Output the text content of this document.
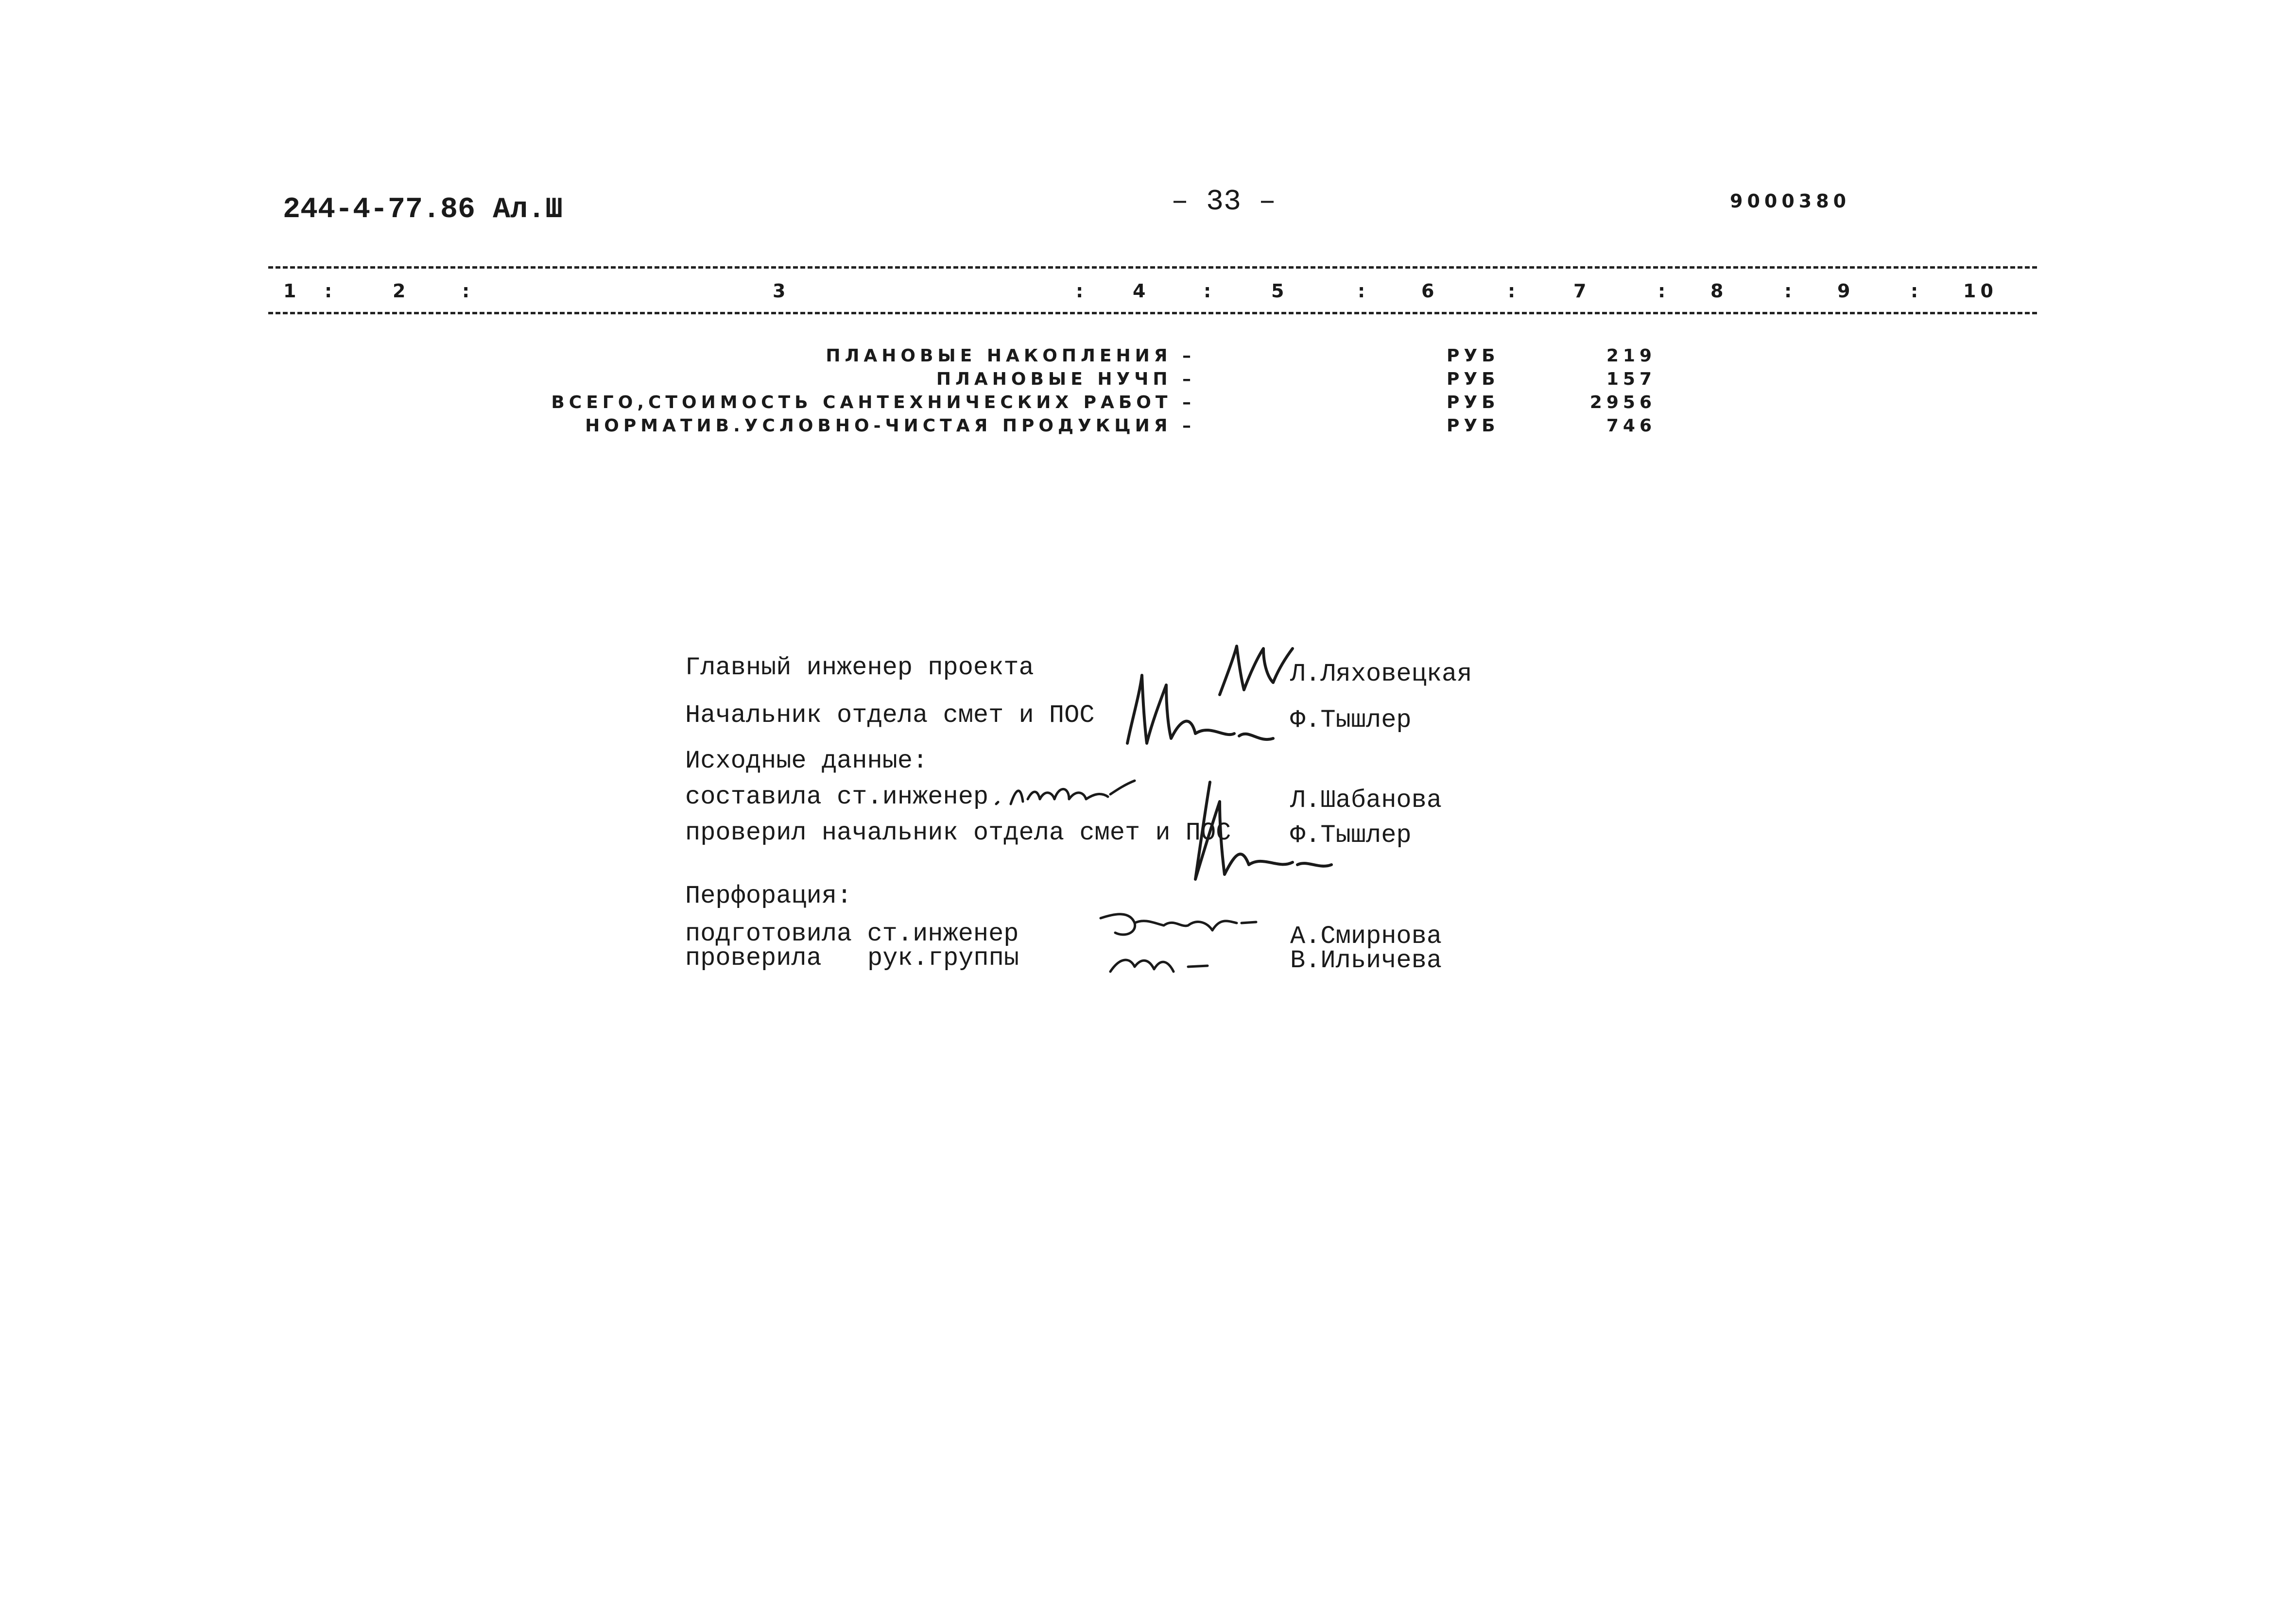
244-4-77.86 Ал.Ш	– 33 –	9000380
1 :	2	:	3	: 4	:	5	:	6	:	7	: 8	: 9	: 10
ПЛАНОВЫЕ НАКОПЛЕНИЯ –	РУБ	219
ПЛАНОВЫЕ НУЧП –	РУБ	157
ВСЕГО,СТОИМОСТЬ САНТЕХНИЧЕСКИХ РАБОТ –	РУБ	2956
НОРМАТИВ.УСЛОВНО-ЧИСТАЯ ПРОДУКЦИЯ –	РУБ	746
Главный инженер проекта	Л.Ляховецкая
Начальник отдела смет и ПОС	Ф.Тышлер
Исходные данные:
составила ст.инженер	Л.Шабанова
проверил начальник отдела смет и ПОС Ф.Тышлер
Перфорация:
подготовила ст.инженер	А.Смирнова
проверила рук.группы	В.Ильичева
